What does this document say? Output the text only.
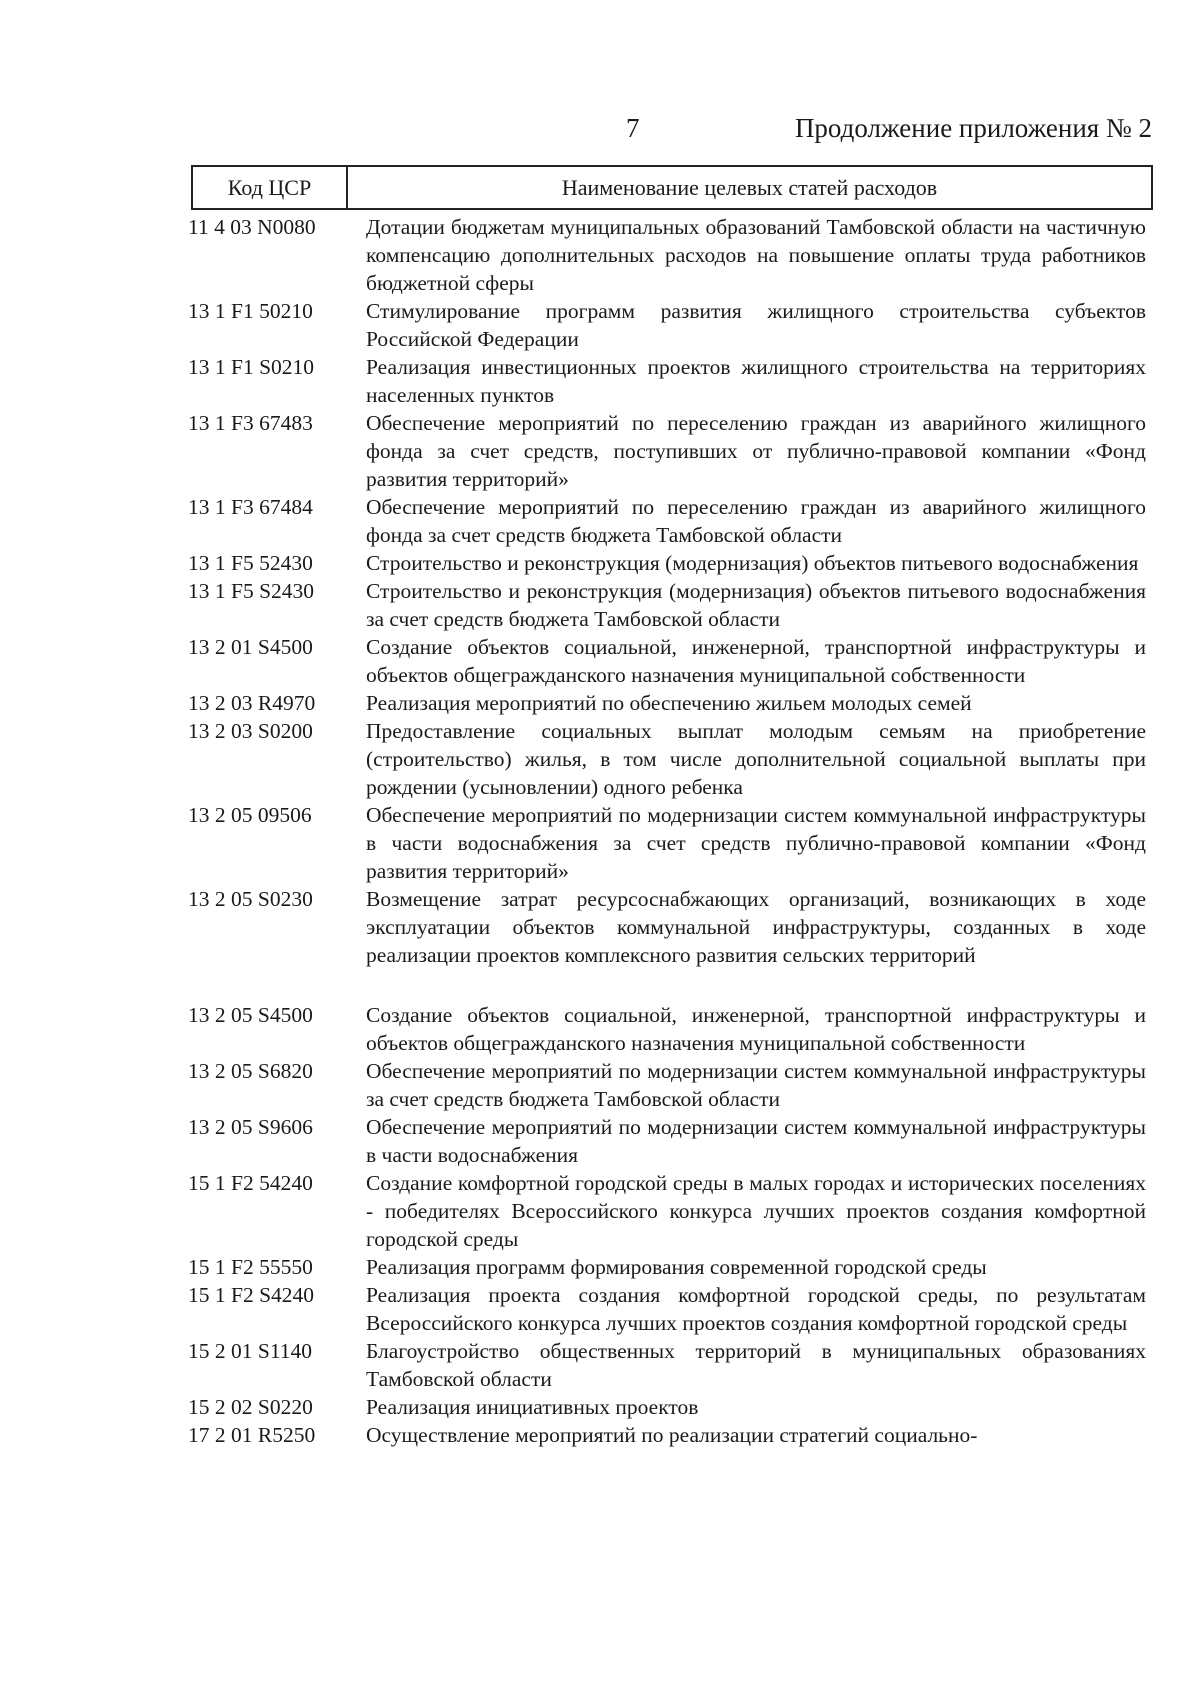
7	Продолжение приложения № 2
Код ЦСР	Наименование целевых статей расходов
11 4 03 N0080	Дотации бюджетам муниципальных образований Тамбовской области на частичную компенсацию дополнительных расходов на повышение оплаты труда работников бюджетной сферы
13 1 F1 50210	Стимулирование программ развития жилищного строительства субъектов Российской Федерации
13 1 F1 S0210	Реализация инвестиционных проектов жилищного строительства на территориях населенных пунктов
13 1 F3 67483	Обеспечение мероприятий по переселению граждан из аварийного жилищного фонда за счет средств, поступивших от публично-правовой компании «Фонд развития территорий»
13 1 F3 67484	Обеспечение мероприятий по переселению граждан из аварийного жилищного фонда за счет средств бюджета Тамбовской области
13 1 F5 52430	Строительство и реконструкция (модернизация) объектов питьевого водоснабжения
13 1 F5 S2430	Строительство и реконструкция (модернизация) объектов питьевого водоснабжения за счет средств бюджета Тамбовской области
13 2 01 S4500	Создание объектов социальной, инженерной, транспортной инфраструктуры и объектов общегражданского назначения муниципальной собственности
13 2 03 R4970	Реализация мероприятий по обеспечению жильем молодых семей
13 2 03 S0200	Предоставление социальных выплат молодым семьям на приобретение (строительство) жилья, в том числе дополнительной социальной выплаты при рождении (усыновлении) одного ребенка
13 2 05 09506	Обеспечение мероприятий по модернизации систем коммунальной инфраструктуры в части водоснабжения за счет средств публично-правовой компании «Фонд развития территорий»
13 2 05 S0230	Возмещение затрат ресурсоснабжающих организаций, возникающих в ходе эксплуатации объектов коммунальной инфраструктуры, созданных в ходе реализации проектов комплексного развития сельских территорий
13 2 05 S4500	Создание объектов социальной, инженерной, транспортной инфраструктуры и объектов общегражданского назначения муниципальной собственности
13 2 05 S6820	Обеспечение мероприятий по модернизации систем коммунальной инфраструктуры за счет средств бюджета Тамбовской области
13 2 05 S9606	Обеспечение мероприятий по модернизации систем коммунальной инфраструктуры в части водоснабжения
15 1 F2 54240	Создание комфортной городской среды в малых городах и исторических поселениях - победителях Всероссийского конкурса лучших проектов создания комфортной городской среды
15 1 F2 55550	Реализация программ формирования современной городской среды
15 1 F2 S4240	Реализация проекта создания комфортной городской среды, по результатам Всероссийского конкурса лучших проектов создания комфортной городской среды
15 2 01 S1140	Благоустройство общественных территорий в муниципальных образованиях Тамбовской области
15 2 02 S0220	Реализация инициативных проектов
17 2 01 R5250	Осуществление мероприятий по реализации стратегий социально-
